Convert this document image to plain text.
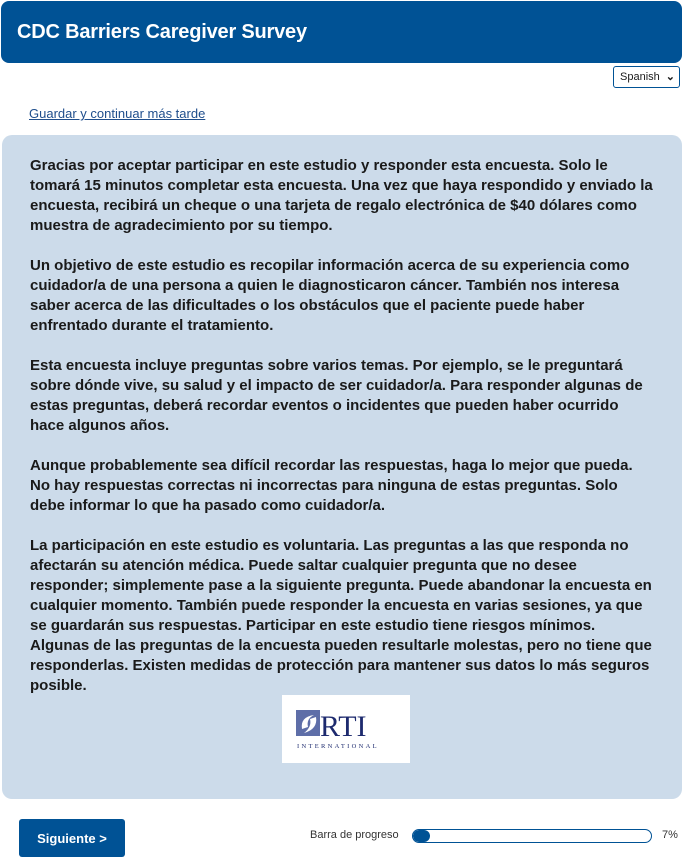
CDC Barriers Caregiver Survey
Spanish ⌄
Guardar y continuar más tarde

Gracias por aceptar participar en este estudio y responder esta encuesta. Solo le tomará 15 minutos completar esta encuesta. Una vez que haya respondido y enviado la encuesta, recibirá un cheque o una tarjeta de regalo electrónica de $40 dólares como muestra de agradecimiento por su tiempo.

Un objetivo de este estudio es recopilar información acerca de su experiencia como cuidador/a de una persona a quien le diagnosticaron cáncer. También nos interesa saber acerca de las dificultades o los obstáculos que el paciente puede haber enfrentado durante el tratamiento.

Esta encuesta incluye preguntas sobre varios temas. Por ejemplo, se le preguntará sobre dónde vive, su salud y el impacto de ser cuidador/a. Para responder algunas de estas preguntas, deberá recordar eventos o incidentes que pueden haber ocurrido hace algunos años.

Aunque probablemente sea difícil recordar las respuestas, haga lo mejor que pueda. No hay respuestas correctas ni incorrectas para ninguna de estas preguntas. Solo debe informar lo que ha pasado como cuidador/a.

La participación en este estudio es voluntaria. Las preguntas a las que responda no afectarán su atención médica. Puede saltar cualquier pregunta que no desee responder; simplemente pase a la siguiente pregunta. Puede abandonar la encuesta en cualquier momento. También puede responder la encuesta en varias sesiones, ya que se guardarán sus respuestas. Participar en este estudio tiene riesgos mínimos. Algunas de las preguntas de la encuesta pueden resultarle molestas, pero no tiene que responderlas. Existen medidas de protección para mantener sus datos lo más seguros posible.

RTI
INTERNATIONAL
Siguiente >	Barra de progreso	7%
